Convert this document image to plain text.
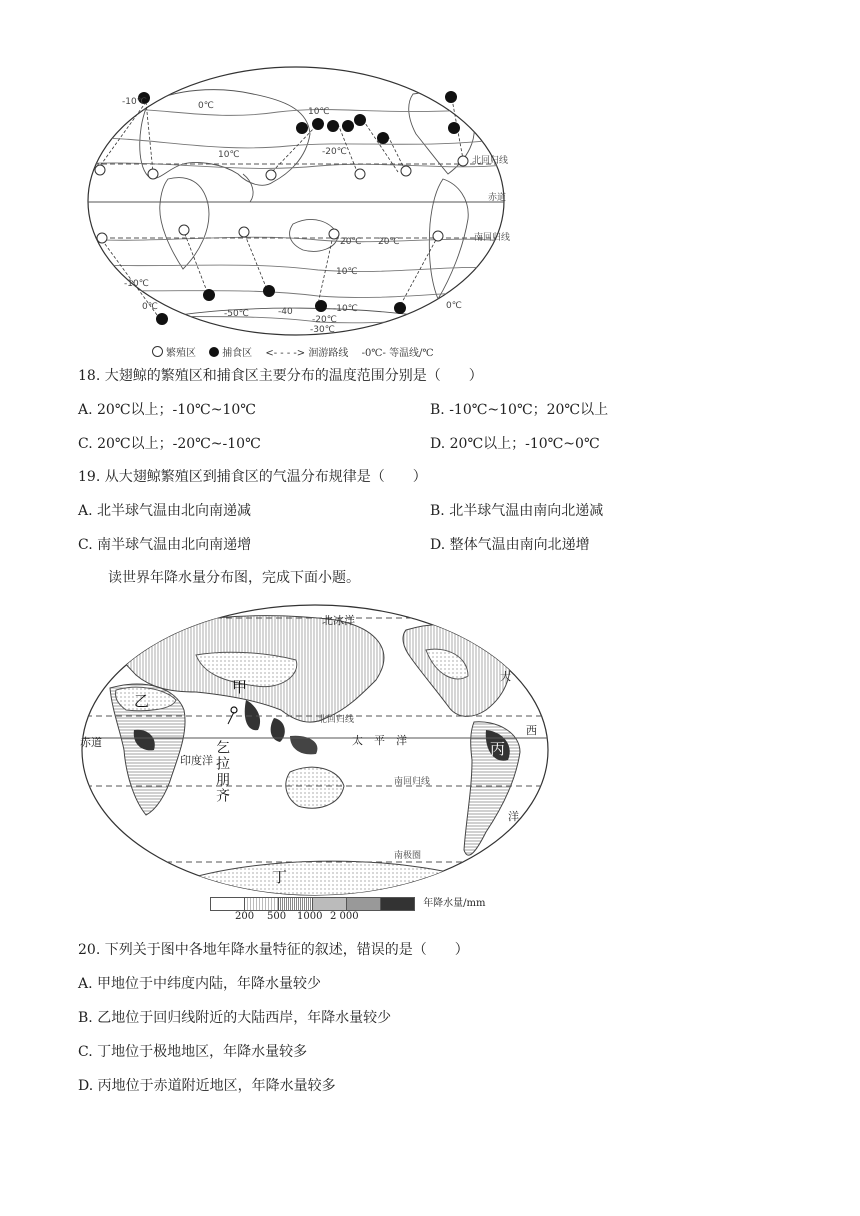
0℃
-10℃
10℃	-20℃
10℃
20℃ 20℃
10℃
0℃
-10℃
-50℃	-40
-30℃
-20℃
-10℃
0℃
北回归线
南回归线
赤道
繁殖区	捕食区 <- - - -> 洄游路线 -0℃- 等温线/℃
18. 大翅鲸的繁殖区和捕食区主要分布的温度范围分别是（　　）
A. 20℃以上；-10℃~10℃	B. -10℃~10℃；20℃以上
C. 20℃以上；-20℃~-10℃	D. 20℃以上；-10℃~0℃
19. 从大翅鲸繁殖区到捕食区的气温分布规律是（　　）
A. 北半球气温由北向南递减	B. 北半球气温由南向北递减
C. 南半球气温由北向南递增	D. 整体气温由南向北递增
读世界年降水量分布图，完成下面小题。
北冰洋
甲
乙
丙
丁
乞拉朋齐
赤道
印度洋
北回归线
太　平　洋
南回归线
南极圈
大
西
洋
年降水量/mm
200 500 1000 2 000
20. 下列关于图中各地年降水量特征的叙述，错误的是（　　）
A. 甲地位于中纬度内陆，年降水量较少
B. 乙地位于回归线附近的大陆西岸，年降水量较少
C. 丁地位于极地地区，年降水量较多
D. 丙地位于赤道附近地区，年降水量较多
